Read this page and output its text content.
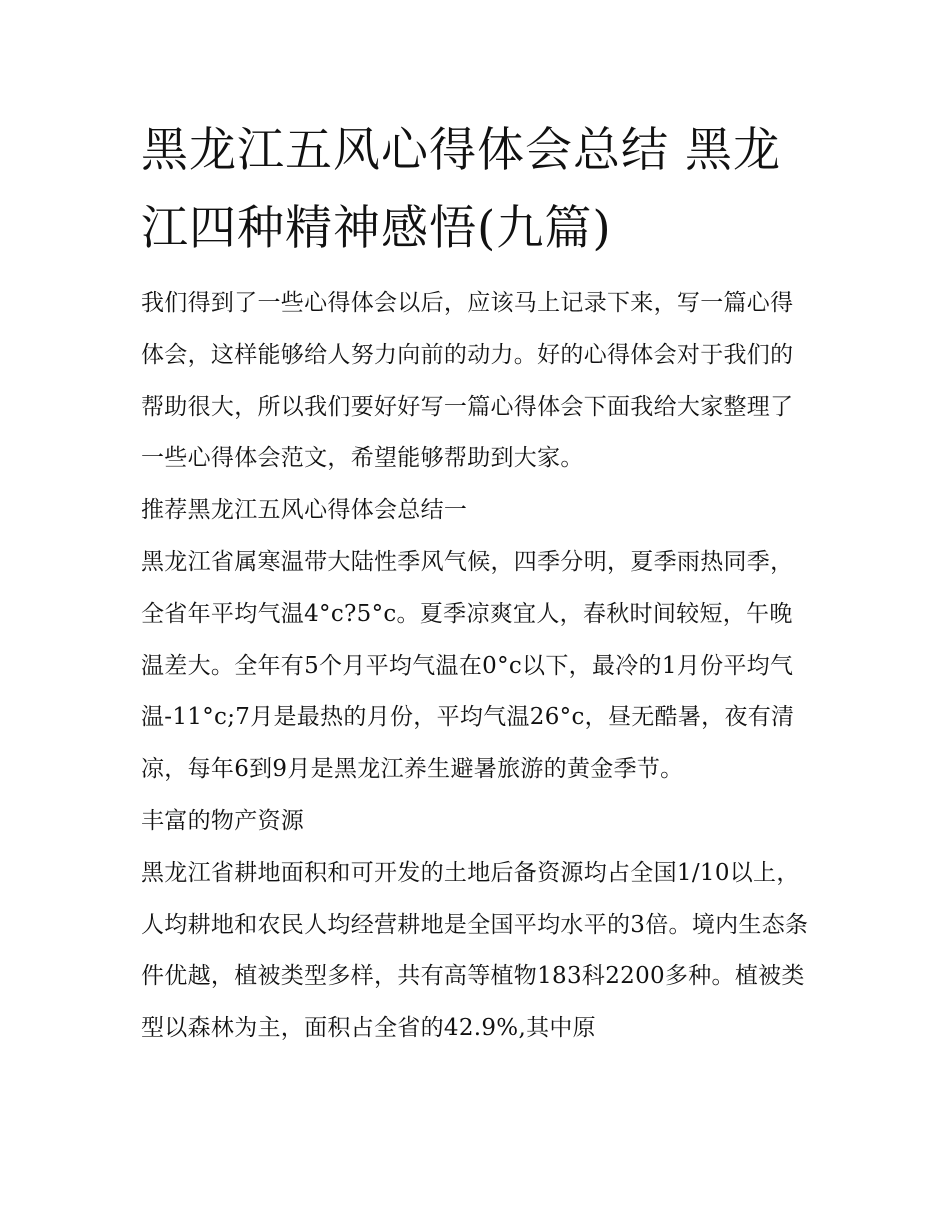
黑龙江五风心得体会总结 黑龙江四种精神感悟(九篇)

我们得到了一些心得体会以后，应该马上记录下来，写一篇心得体会，这样能够给人努力向前的动力。好的心得体会对于我们的帮助很大，所以我们要好好写一篇心得体会下面我给大家整理了一些心得体会范文，希望能够帮助到大家。

推荐黑龙江五风心得体会总结一

黑龙江省属寒温带大陆性季风气候，四季分明，夏季雨热同季，全省年平均气温4°c?5°c。夏季凉爽宜人，春秋时间较短，午晚温差大。全年有5个月平均气温在0°c以下，最冷的1月份平均气温-11°c;7月是最热的月份，平均气温26°c，昼无酷暑，夜有清凉，每年6到9月是黑龙江养生避暑旅游的黄金季节。

丰富的物产资源

黑龙江省耕地面积和可开发的土地后备资源均占全国1/10以上，人均耕地和农民人均经营耕地是全国平均水平的3倍。境内生态条件优越，植被类型多样，共有高等植物183科2200多种。植被类型以森林为主，面积占全省的42.9%,其中原
